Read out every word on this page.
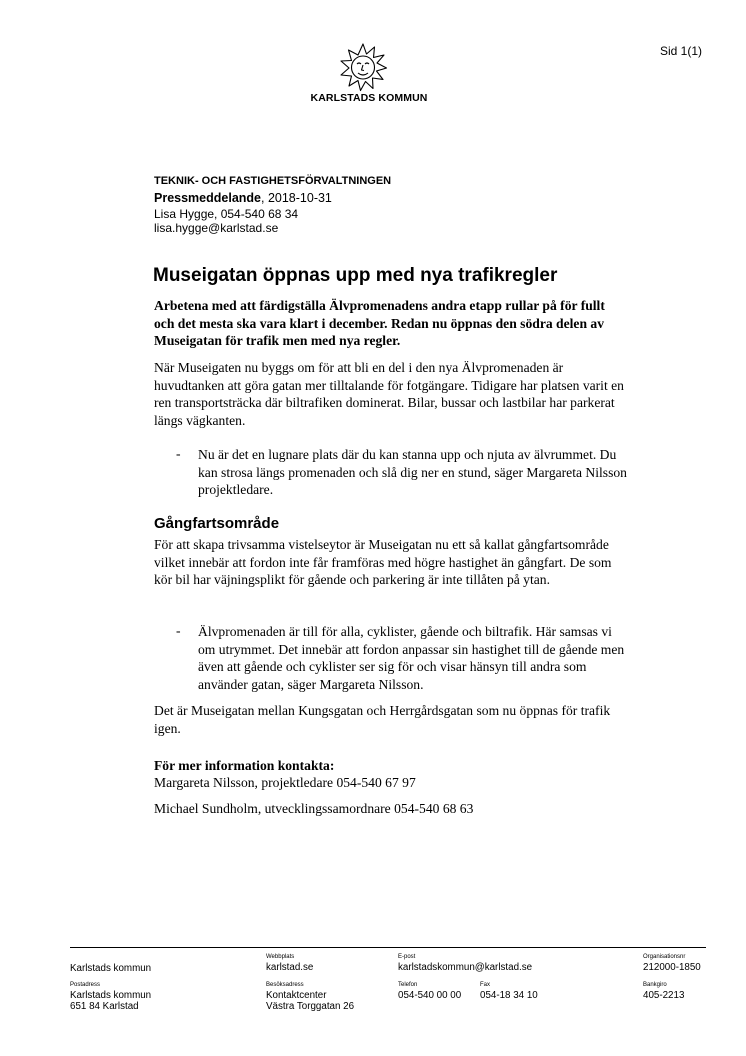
Sid 1(1)
KARLSTADS KOMMUN
TEKNIK- OCH FASTIGHETSFÖRVALTNINGEN
Pressmeddelande, 2018-10-31
Lisa Hygge, 054-540 68 34
lisa.hygge@karlstad.se
Museigatan öppnas upp med nya trafikregler
Arbetena med att färdigställa Älvpromenadens andra etapp rullar på för fullt och det mesta ska vara klart i december. Redan nu öppnas den södra delen av Museigatan för trafik men med nya regler.
När Museigaten nu byggs om för att bli en del i den nya Älvpromenaden är huvudtanken att göra gatan mer tilltalande för fotgängare. Tidigare har platsen varit en ren transportsträcka där biltrafiken dominerat. Bilar, bussar och lastbilar har parkerat längs vägkanten.
- Nu är det en lugnare plats där du kan stanna upp och njuta av älvrummet. Du kan strosa längs promenaden och slå dig ner en stund, säger Margareta Nilsson projektledare.
Gångfartsområde
För att skapa trivsamma vistelseytor är Museigatan nu ett så kallat gångfartsområde vilket innebär att fordon inte får framföras med högre hastighet än gångfart. De som kör bil har väjningsplikt för gående och parkering är inte tillåten på ytan.
- Älvpromenaden är till för alla, cyklister, gående och biltrafik. Här samsas vi om utrymmet. Det innebär att fordon anpassar sin hastighet till de gående men även att gående och cyklister ser sig för och visar hänsyn till andra som använder gatan, säger Margareta Nilsson.
Det är Museigatan mellan Kungsgatan och Herrgårdsgatan som nu öppnas för trafik igen.
För mer information kontakta:
Margareta Nilsson, projektledare 054-540 67 97
Michael Sundholm, utvecklingssamordnare 054-540 68 63
Karlstads kommun
Webbplats
karlstad.se
E-post
karlstadskommun@karlstad.se
Organisationsnr
212000-1850
Postadress
Karlstads kommun
651 84 Karlstad
Besöksadress
Kontaktcenter
Västra Torggatan 26
Telefon
054-540 00 00
Fax
054-18 34 10
Bankgiro
405-2213
